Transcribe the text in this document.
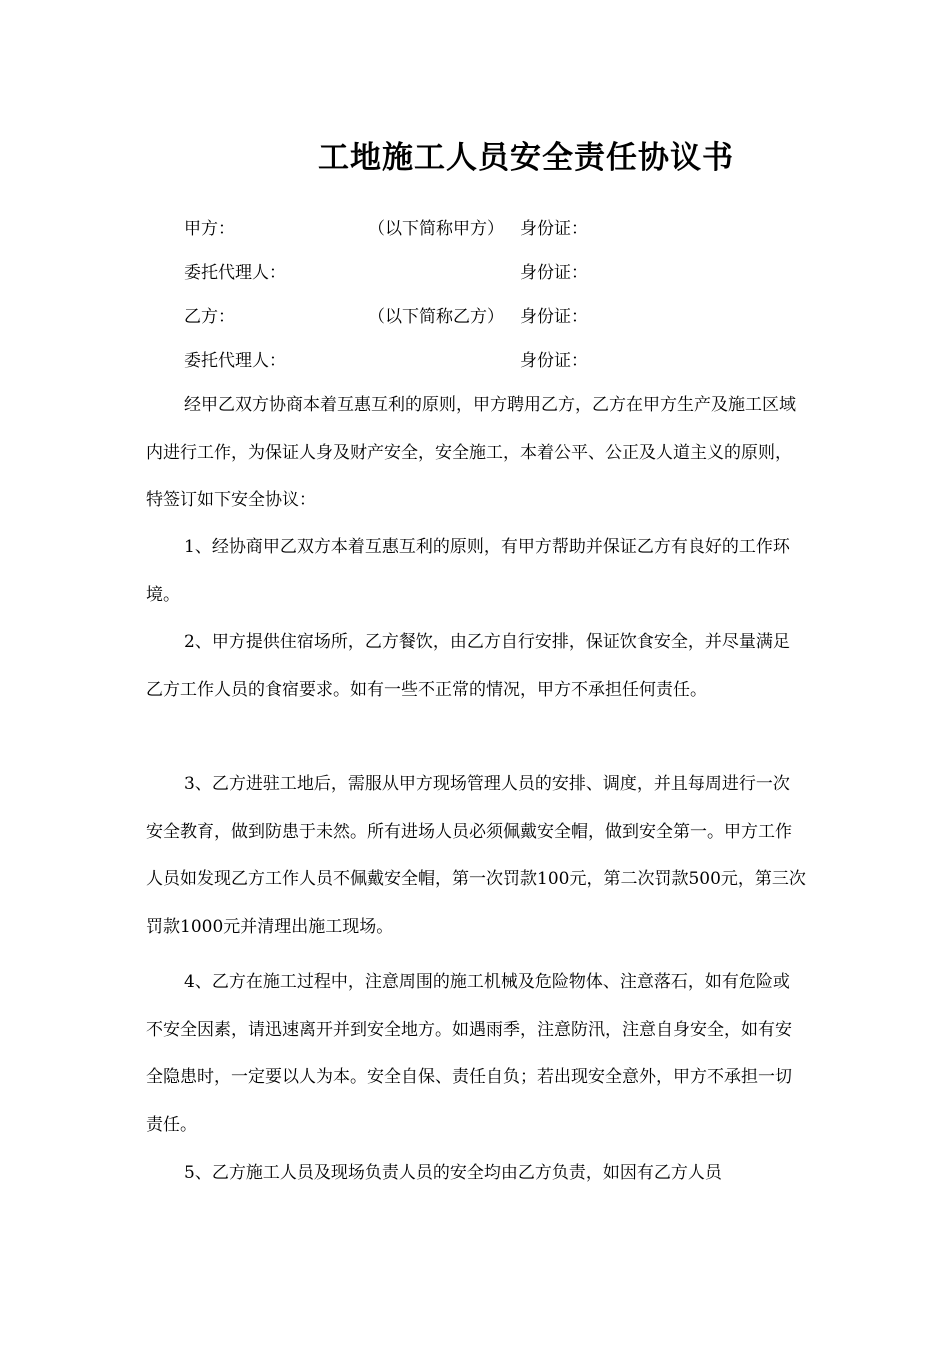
工地施工人员安全责任协议书
甲方：	（以下简称甲方） 身份证：
委托代理人：	身份证：
乙方：	（以下简称乙方） 身份证：
委托代理人：	身份证：
经甲乙双方协商本着互惠互利的原则，甲方聘用乙方，乙方在甲方生产及施工区域内进行工作，为保证人身及财产安全，安全施工，本着公平、公正及人道主义的原则，特签订如下安全协议：
1、经协商甲乙双方本着互惠互利的原则，有甲方帮助并保证乙方有良好的工作环境。
2、甲方提供住宿场所，乙方餐饮，由乙方自行安排，保证饮食安全，并尽量满足乙方工作人员的食宿要求。如有一些不正常的情况，甲方不承担任何责任。
3、乙方进驻工地后，需服从甲方现场管理人员的安排、调度，并且每周进行一次安全教育，做到防患于未然。所有进场人员必须佩戴安全帽，做到安全第一。甲方工作人员如发现乙方工作人员不佩戴安全帽，第一次罚款100元，第二次罚款500元，第三次罚款1000元并清理出施工现场。
4、乙方在施工过程中，注意周围的施工机械及危险物体、注意落石，如有危险或不安全因素，请迅速离开并到安全地方。如遇雨季，注意防汛，注意自身安全，如有安全隐患时，一定要以人为本。安全自保、责任自负；若出现安全意外，甲方不承担一切责任。
5、乙方施工人员及现场负责人员的安全均由乙方负责，如因有乙方人员
